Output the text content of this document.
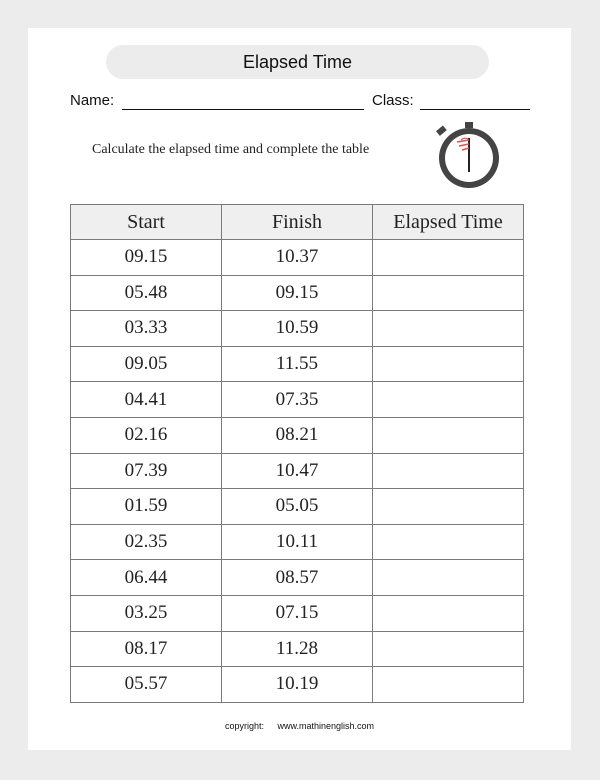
Elapsed Time
Name:	Class:
Calculate the elapsed time and complete the table
Start	Finish	Elapsed Time
09.15	10.37	
05.48	09.15	
03.33	10.59	
09.05	11.55	
04.41	07.35	
02.16	08.21	
07.39	10.47	
01.59	05.05	
02.35	10.11	
06.44	08.57	
03.25	07.15	
08.17	11.28	
05.57	10.19	
copyright: www.mathinenglish.com
